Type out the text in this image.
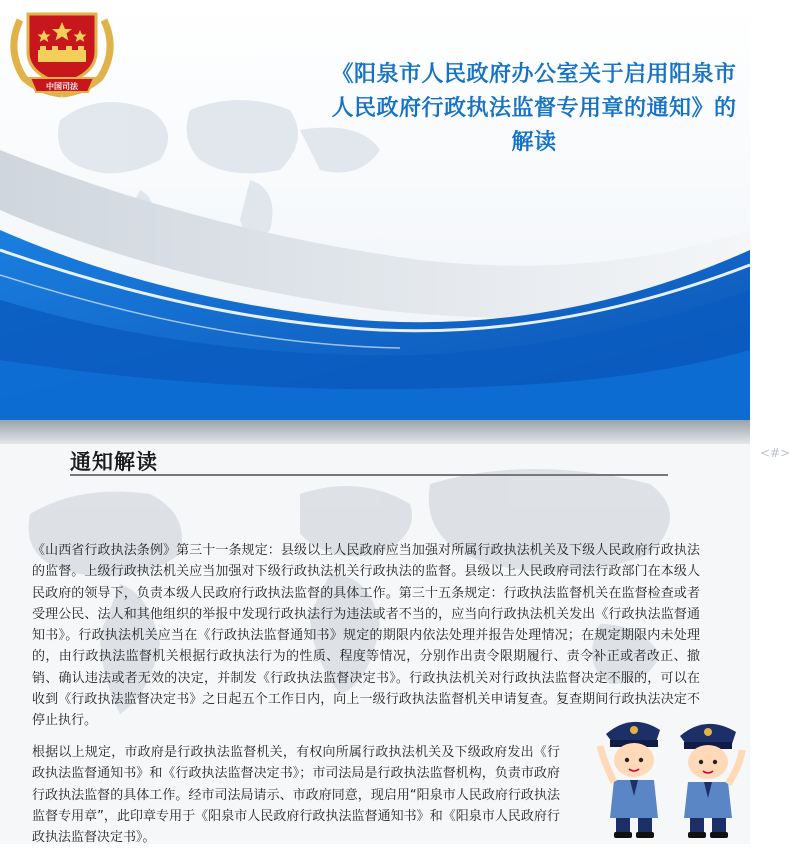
《阳泉市人民政府办公室关于启用阳泉市人民政府行政执法监督专用章的通知》的解读
中国司法
通知解读	<#>

《山西省行政执法条例》第三十一条规定：县级以上人民政府应当加强对所属行政执法机关及下级人民政府行政执法的监督。上级行政执法机关应当加强对下级行政执法机关行政执法的监督。县级以上人民政府司法行政部门在本级人民政府的领导下，负责本级人民政府行政执法监督的具体工作。第三十五条规定：行政执法监督机关在监督检查或者受理公民、法人和其他组织的举报中发现行政执法行为违法或者不当的，应当向行政执法机关发出《行政执法监督通知书》。行政执法机关应当在《行政执法监督通知书》规定的期限内依法处理并报告处理情况；在规定期限内未处理的，由行政执法监督机关根据行政执法行为的性质、程度等情况，分别作出责令限期履行、责令补正或者改正、撤销、确认违法或者无效的决定，并制发《行政执法监督决定书》。行政执法机关对行政执法监督决定不服的，可以在收到《行政执法监督决定书》之日起五个工作日内，向上一级行政执法监督机关申请复查。复查期间行政执法决定不停止执行。

根据以上规定，市政府是行政执法监督机关，有权向所属行政执法机关及下级政府发出《行政执法监督通知书》和《行政执法监督决定书》；市司法局是行政执法监督机构，负责市政府行政执法监督的具体工作。经市司法局请示、市政府同意，现启用“阳泉市人民政府行政执法监督专用章”，此印章专用于《阳泉市人民政府行政执法监督通知书》和《阳泉市人民政府行政执法监督决定书》。
